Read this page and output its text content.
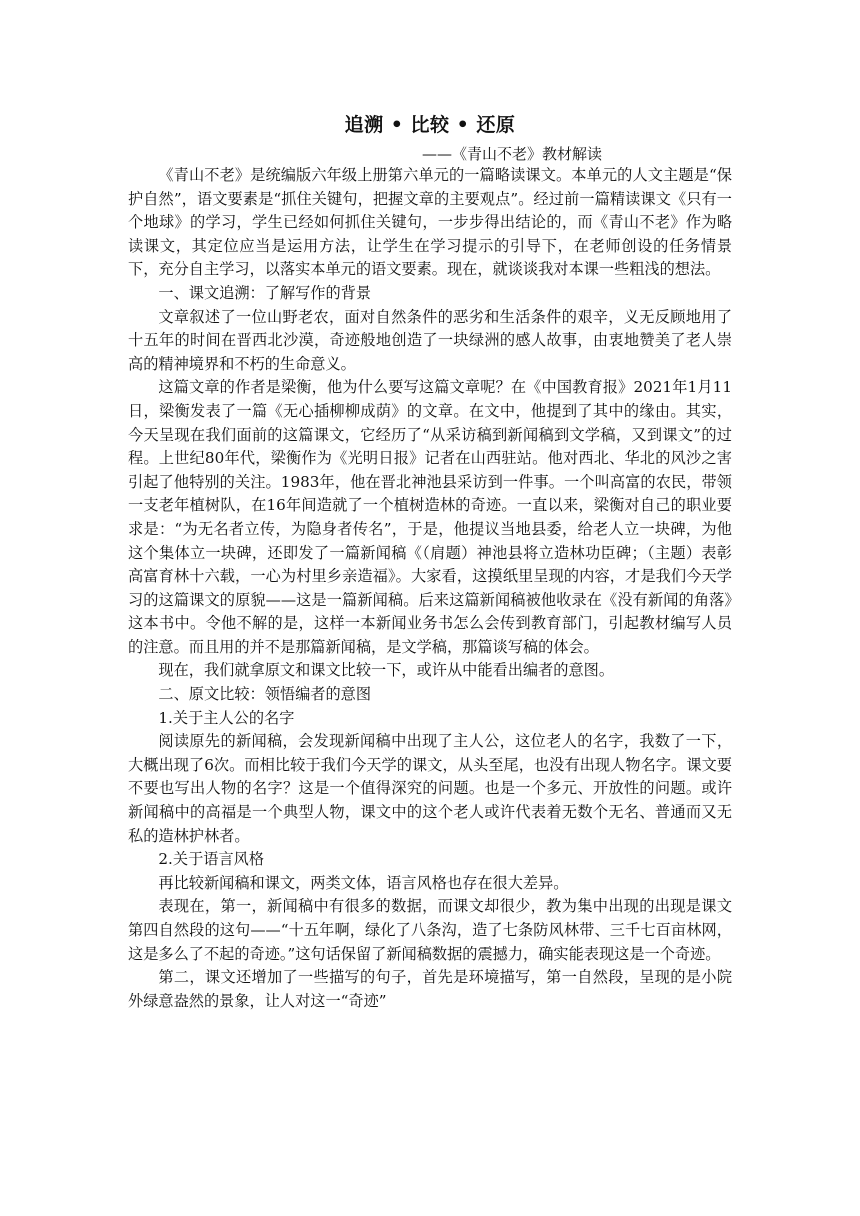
追溯 • 比较 • 还原
——《青山不老》教材解读

《青山不老》是统编版六年级上册第六单元的一篇略读课文。本单元的人文主题是“保护自然”，语文要素是“抓住关键句，把握文章的主要观点”。经过前一篇精读课文《只有一个地球》的学习，学生已经如何抓住关键句，一步步得出结论的，而《青山不老》作为略读课文，其定位应当是运用方法，让学生在学习提示的引导下，在老师创设的任务情景下，充分自主学习，以落实本单元的语文要素。现在，就谈谈我对本课一些粗浅的想法。

一、课文追溯：了解写作的背景

文章叙述了一位山野老农，面对自然条件的恶劣和生活条件的艰辛，义无反顾地用了十五年的时间在晋西北沙漠，奇迹般地创造了一块绿洲的感人故事，由衷地赞美了老人崇高的精神境界和不朽的生命意义。

这篇文章的作者是梁衡，他为什么要写这篇文章呢？在《中国教育报》2021年1月11日，梁衡发表了一篇《无心插柳柳成荫》的文章。在文中，他提到了其中的缘由。其实，今天呈现在我们面前的这篇课文，它经历了“从采访稿到新闻稿到文学稿，又到课文”的过程。上世纪80年代，梁衡作为《光明日报》记者在山西驻站。他对西北、华北的风沙之害引起了他特别的关注。1983年，他在晋北神池县采访到一件事。一个叫高富的农民，带领一支老年植树队，在16年间造就了一个植树造林的奇迹。一直以来，梁衡对自己的职业要求是：“为无名者立传，为隐身者传名”，于是，他提议当地县委，给老人立一块碑，为他这个集体立一块碑，还即发了一篇新闻稿《（肩题）神池县将立造林功臣碑；（主题）表彰高富育林十六载，一心为村里乡亲造福》。大家看，这摸纸里呈现的内容，才是我们今天学习的这篇课文的原貌——这是一篇新闻稿。后来这篇新闻稿被他收录在《没有新闻的角落》这本书中。令他不解的是，这样一本新闻业务书怎么会传到教育部门，引起教材编写人员的注意。而且用的并不是那篇新闻稿，是文学稿，那篇谈写稿的体会。

现在，我们就拿原文和课文比较一下，或许从中能看出编者的意图。

二、原文比较：领悟编者的意图

1.关于主人公的名字

阅读原先的新闻稿，会发现新闻稿中出现了主人公，这位老人的名字，我数了一下，大概出现了6次。而相比较于我们今天学的课文，从头至尾，也没有出现人物名字。课文要不要也写出人物的名字？这是一个值得深究的问题。也是一个多元、开放性的问题。或许新闻稿中的高福是一个典型人物，课文中的这个老人或许代表着无数个无名、普通而又无私的造林护林者。

2.关于语言风格

再比较新闻稿和课文，两类文体，语言风格也存在很大差异。

表现在，第一，新闻稿中有很多的数据，而课文却很少，教为集中出现的出现是课文第四自然段的这句——“十五年啊，绿化了八条沟，造了七条防风林带、三千七百亩林网，这是多么了不起的奇迹。”这句话保留了新闻稿数据的震撼力，确实能表现这是一个奇迹。

第二，课文还增加了一些描写的句子，首先是环境描写，第一自然段，呈现的是小院外绿意盎然的景象，让人对这一“奇迹”
